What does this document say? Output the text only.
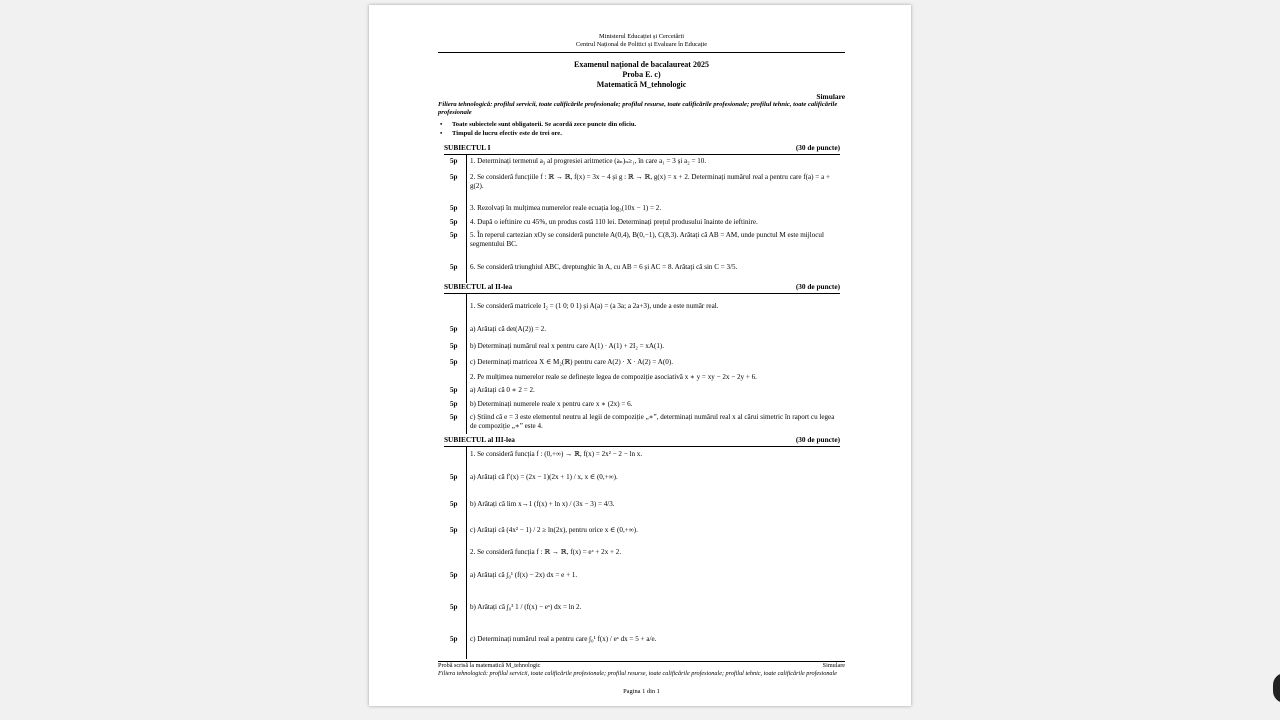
Ministerul Educației și Cercetării
Centrul Național de Politici și Evaluare în Educație
Examenul național de bacalaureat 2025
Proba E. c)
Matematică M_tehnologic
Simulare
Filiera tehnologică: profilul servicii, toate calificările profesionale; profilul resurse, toate calificările profesionale; profilul tehnic, toate calificările profesionale
• Toate subiectele sunt obligatorii. Se acordă zece puncte din oficiu.
• Timpul de lucru efectiv este de trei ore.
SUBIECTUL I	(30 de puncte)
5p	1. Determinați termenul a₃ al progresiei aritmetice (aₙ)ₙ≥₁, în care a₁ = 3 și a₂ = 10.
5p	2. Se consideră funcțiile f : ℝ → ℝ, f(x) = 3x − 4 și g : ℝ → ℝ, g(x) = x + 2. Determinați numărul real a pentru care f(a) = a + g(2).
5p	3. Rezolvați în mulțimea numerelor reale ecuația log₃(10x − 1) = 2.
5p	4. După o ieftinire cu 45%, un produs costă 110 lei. Determinați prețul produsului înainte de ieftinire.
5p	5. În reperul cartezian xOy se consideră punctele A(0,4), B(0,−1), C(8,3). Arătați că AB = AM, unde punctul M este mijlocul segmentului BC.
5p	6. Se consideră triunghiul ABC, dreptunghic în A, cu AB = 6 și AC = 8. Arătați că sin C = 3/5.
SUBIECTUL al II-lea	(30 de puncte)
1. Se consideră matricele I₂ = (1 0; 0 1) și A(a) = (a 3a; a 2a+3), unde a este număr real.
5p	a) Arătați că det(A(2)) = 2.
5p	b) Determinați numărul real x pentru care A(1) · A(1) + 2I₂ = xA(1).
5p	c) Determinați matricea X ∈ M₂(ℝ) pentru care A(2) · X · A(2) = A(0).
2. Pe mulțimea numerelor reale se definește legea de compoziție asociativă x ∗ y = xy − 2x − 2y + 6.
5p	a) Arătați că 0 ∗ 2 = 2.
5p	b) Determinați numerele reale x pentru care x ∗ (2x) = 6.
5p	c) Știind că e = 3 este elementul neutru al legii de compoziție „∗”, determinați numărul real x al cărui simetric în raport cu legea de compoziție „∗” este 4.
SUBIECTUL al III-lea	(30 de puncte)
1. Se consideră funcția f : (0,+∞) → ℝ, f(x) = 2x² − 2 − ln x.
5p	a) Arătați că f′(x) = (2x − 1)(2x + 1) / x, x ∈ (0,+∞).
5p	b) Arătați că lim x→1 (f(x) + ln x) / (3x − 3) = 4/3.
5p	c) Arătați că (4x² − 1) / 2 ≥ ln(2x), pentru orice x ∈ (0,+∞).
2. Se consideră funcția f : ℝ → ℝ, f(x) = eˣ + 2x + 2.
5p	a) Arătați că ∫₀¹ (f(x) − 2x) dx = e + 1.
5p	b) Arătați că ∫₀³ 1 / (f(x) − eˣ) dx = ln 2.
5p	c) Determinați numărul real a pentru care ∫₀¹ f(x) / eˣ dx = 5 + a/e.
Probă scrisă la matematică M_tehnologic	Simulare
Filiera tehnologică: profilul servicii, toate calificările profesionale; profilul resurse, toate calificările profesionale; profilul tehnic, toate calificările profesionale
Pagina 1 din 1
